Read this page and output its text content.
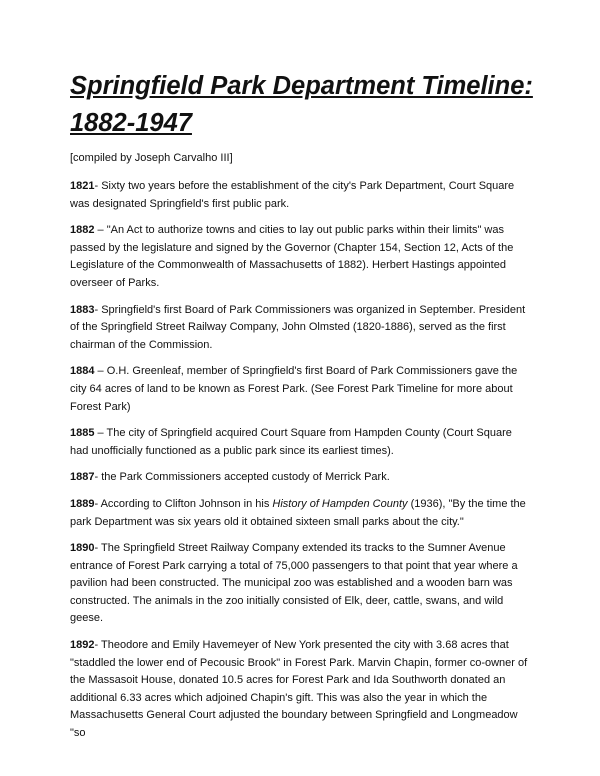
Springfield Park Department Timeline:
1882-1947
[compiled by Joseph Carvalho III]

1821- Sixty two years before the establishment of the city's Park Department, Court Square was designated Springfield's first public park.

1882 – "An Act to authorize towns and cities to lay out public parks within their limits" was passed by the legislature and signed by the Governor (Chapter 154, Section 12, Acts of the Legislature of the Commonwealth of Massachusetts of 1882). Herbert Hastings appointed overseer of Parks.

1883- Springfield's first Board of Park Commissioners was organized in September. President of the Springfield Street Railway Company, John Olmsted (1820-1886), served as the first chairman of the Commission.

1884 – O.H. Greenleaf, member of Springfield's first Board of Park Commissioners gave the city 64 acres of land to be known as Forest Park. (See Forest Park Timeline for more about Forest Park)

1885 – The city of Springfield acquired Court Square from Hampden County (Court Square had unofficially functioned as a public park since its earliest times).

1887- the Park Commissioners accepted custody of Merrick Park.

1889- According to Clifton Johnson in his History of Hampden County (1936), "By the time the park Department was six years old it obtained sixteen small parks about the city."

1890- The Springfield Street Railway Company extended its tracks to the Sumner Avenue entrance of Forest Park carrying a total of 75,000 passengers to that point that year where a pavilion had been constructed. The municipal zoo was established and a wooden barn was constructed. The animals in the zoo initially consisted of Elk, deer, cattle, swans, and wild geese.

1892- Theodore and Emily Havemeyer of New York presented the city with 3.68 acres that "staddled the lower end of Pecousic Brook" in Forest Park. Marvin Chapin, former co-owner of the Massasoit House, donated 10.5 acres for Forest Park and Ida Southworth donated an additional 6.33 acres which adjoined Chapin's gift. This was also the year in which the Massachusetts General Court adjusted the boundary between Springfield and Longmeadow "so
